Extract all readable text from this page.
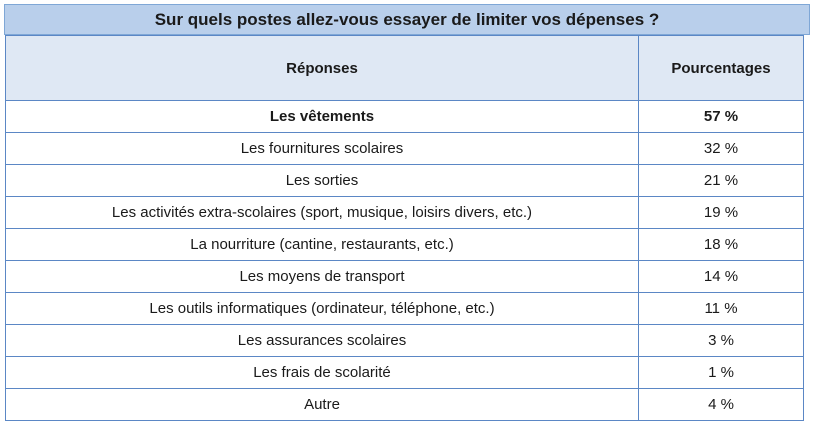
Sur quels postes allez-vous essayer de limiter vos dépenses ?
Réponses	Pourcentages
Les vêtements	57 %
Les fournitures scolaires	32 %
Les sorties	21 %
Les activités extra-scolaires (sport, musique, loisirs divers, etc.)	19 %
La nourriture (cantine, restaurants, etc.)	18 %
Les moyens de transport	14 %
Les outils informatiques (ordinateur, téléphone, etc.)	11 %
Les assurances scolaires	3 %
Les frais de scolarité	1 %
Autre	4 %
